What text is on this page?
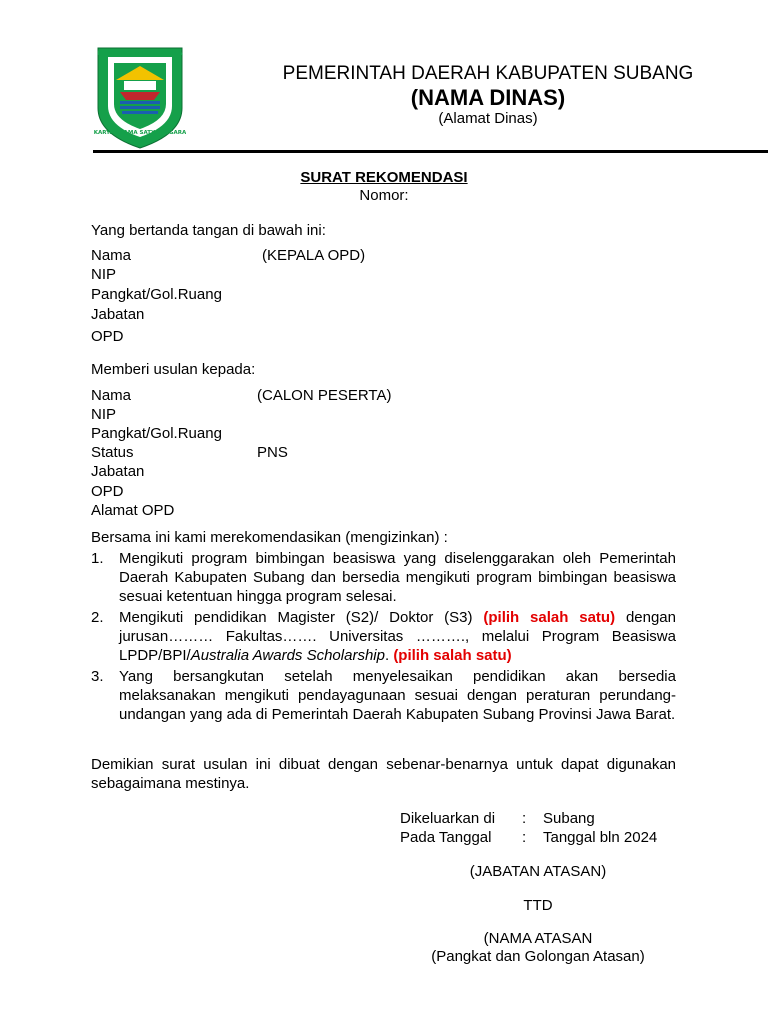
BENTENG ★ PANCASILA
KARYA UTAMA SATYA NEGARA
PEMERINTAH DAERAH KABUPATEN SUBANG
(NAMA DINAS)
(Alamat Dinas)
SURAT REKOMENDASI
Nomor:
Yang bertanda tangan di bawah ini:
Nama	(KEPALA OPD)
NIP
Pangkat/Gol.Ruang
Jabatan
OPD
Memberi usulan kepada:
Nama	(CALON PESERTA)
NIP
Pangkat/Gol.Ruang
Status	PNS
Jabatan
OPD
Alamat OPD
Bersama ini kami merekomendasikan (mengizinkan) :
1. Mengikuti program bimbingan beasiswa yang diselenggarakan oleh Pemerintah Daerah Kabupaten Subang dan bersedia mengikuti program bimbingan beasiswa sesuai ketentuan hingga program selesai.
2. Mengikuti pendidikan Magister (S2)/ Doktor (S3) (pilih salah satu) dengan jurusan……… Fakultas……. Universitas ………., melalui Program Beasiswa LPDP/BPI/Australia Awards Scholarship. (pilih salah satu)
3. Yang bersangkutan setelah menyelesaikan pendidikan akan bersedia melaksanakan mengikuti pendayagunaan sesuai dengan peraturan perundang-undangan yang ada di Pemerintah Daerah Kabupaten Subang Provinsi Jawa Barat.
Demikian surat usulan ini dibuat dengan sebenar-benarnya untuk dapat digunakan sebagaimana mestinya.
Dikeluarkan di : Subang
Pada Tanggal : Tanggal bln 2024
(JABATAN ATASAN)
TTD
(NAMA ATASAN
(Pangkat dan Golongan Atasan)
